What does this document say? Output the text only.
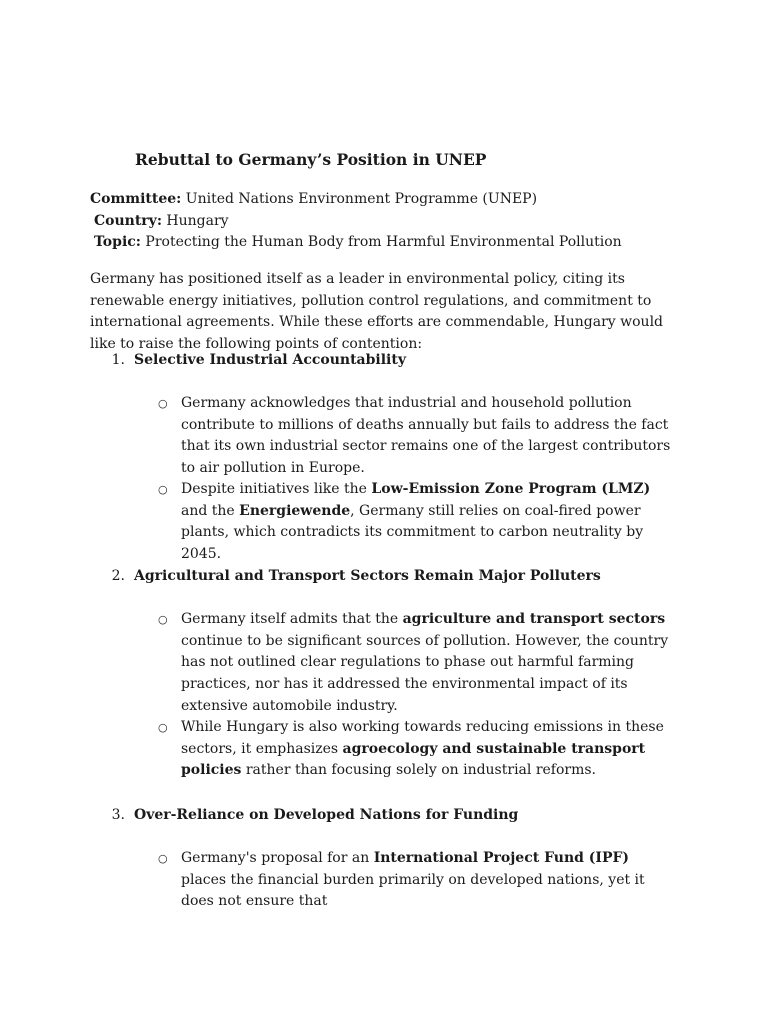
Rebuttal to Germany’s Position in UNEP

Committee: United Nations Environment Programme (UNEP)

Country: Hungary

Topic: Protecting the Human Body from Harmful Environmental Pollution

Germany has positioned itself as a leader in environmental policy, citing its renewable energy initiatives, pollution control regulations, and commitment to international agreements. While these efforts are commendable, Hungary would like to raise the following points of contention:

1. Selective Industrial Accountability

○ Germany acknowledges that industrial and household pollution contribute to millions of deaths annually but fails to address the fact that its own industrial sector remains one of the largest contributors to air pollution in Europe.
○ Despite initiatives like the Low-Emission Zone Program (LMZ) and the Energiewende, Germany still relies on coal-fired power plants, which contradicts its commitment to carbon neutrality by 2045.

2. Agricultural and Transport Sectors Remain Major Polluters

○ Germany itself admits that the agriculture and transport sectors continue to be significant sources of pollution. However, the country has not outlined clear regulations to phase out harmful farming practices, nor has it addressed the environmental impact of its extensive automobile industry.
○ While Hungary is also working towards reducing emissions in these sectors, it emphasizes agroecology and sustainable transport policies rather than focusing solely on industrial reforms.

3. Over-Reliance on Developed Nations for Funding

○ Germany's proposal for an International Project Fund (IPF) places the financial burden primarily on developed nations, yet it does not ensure that
